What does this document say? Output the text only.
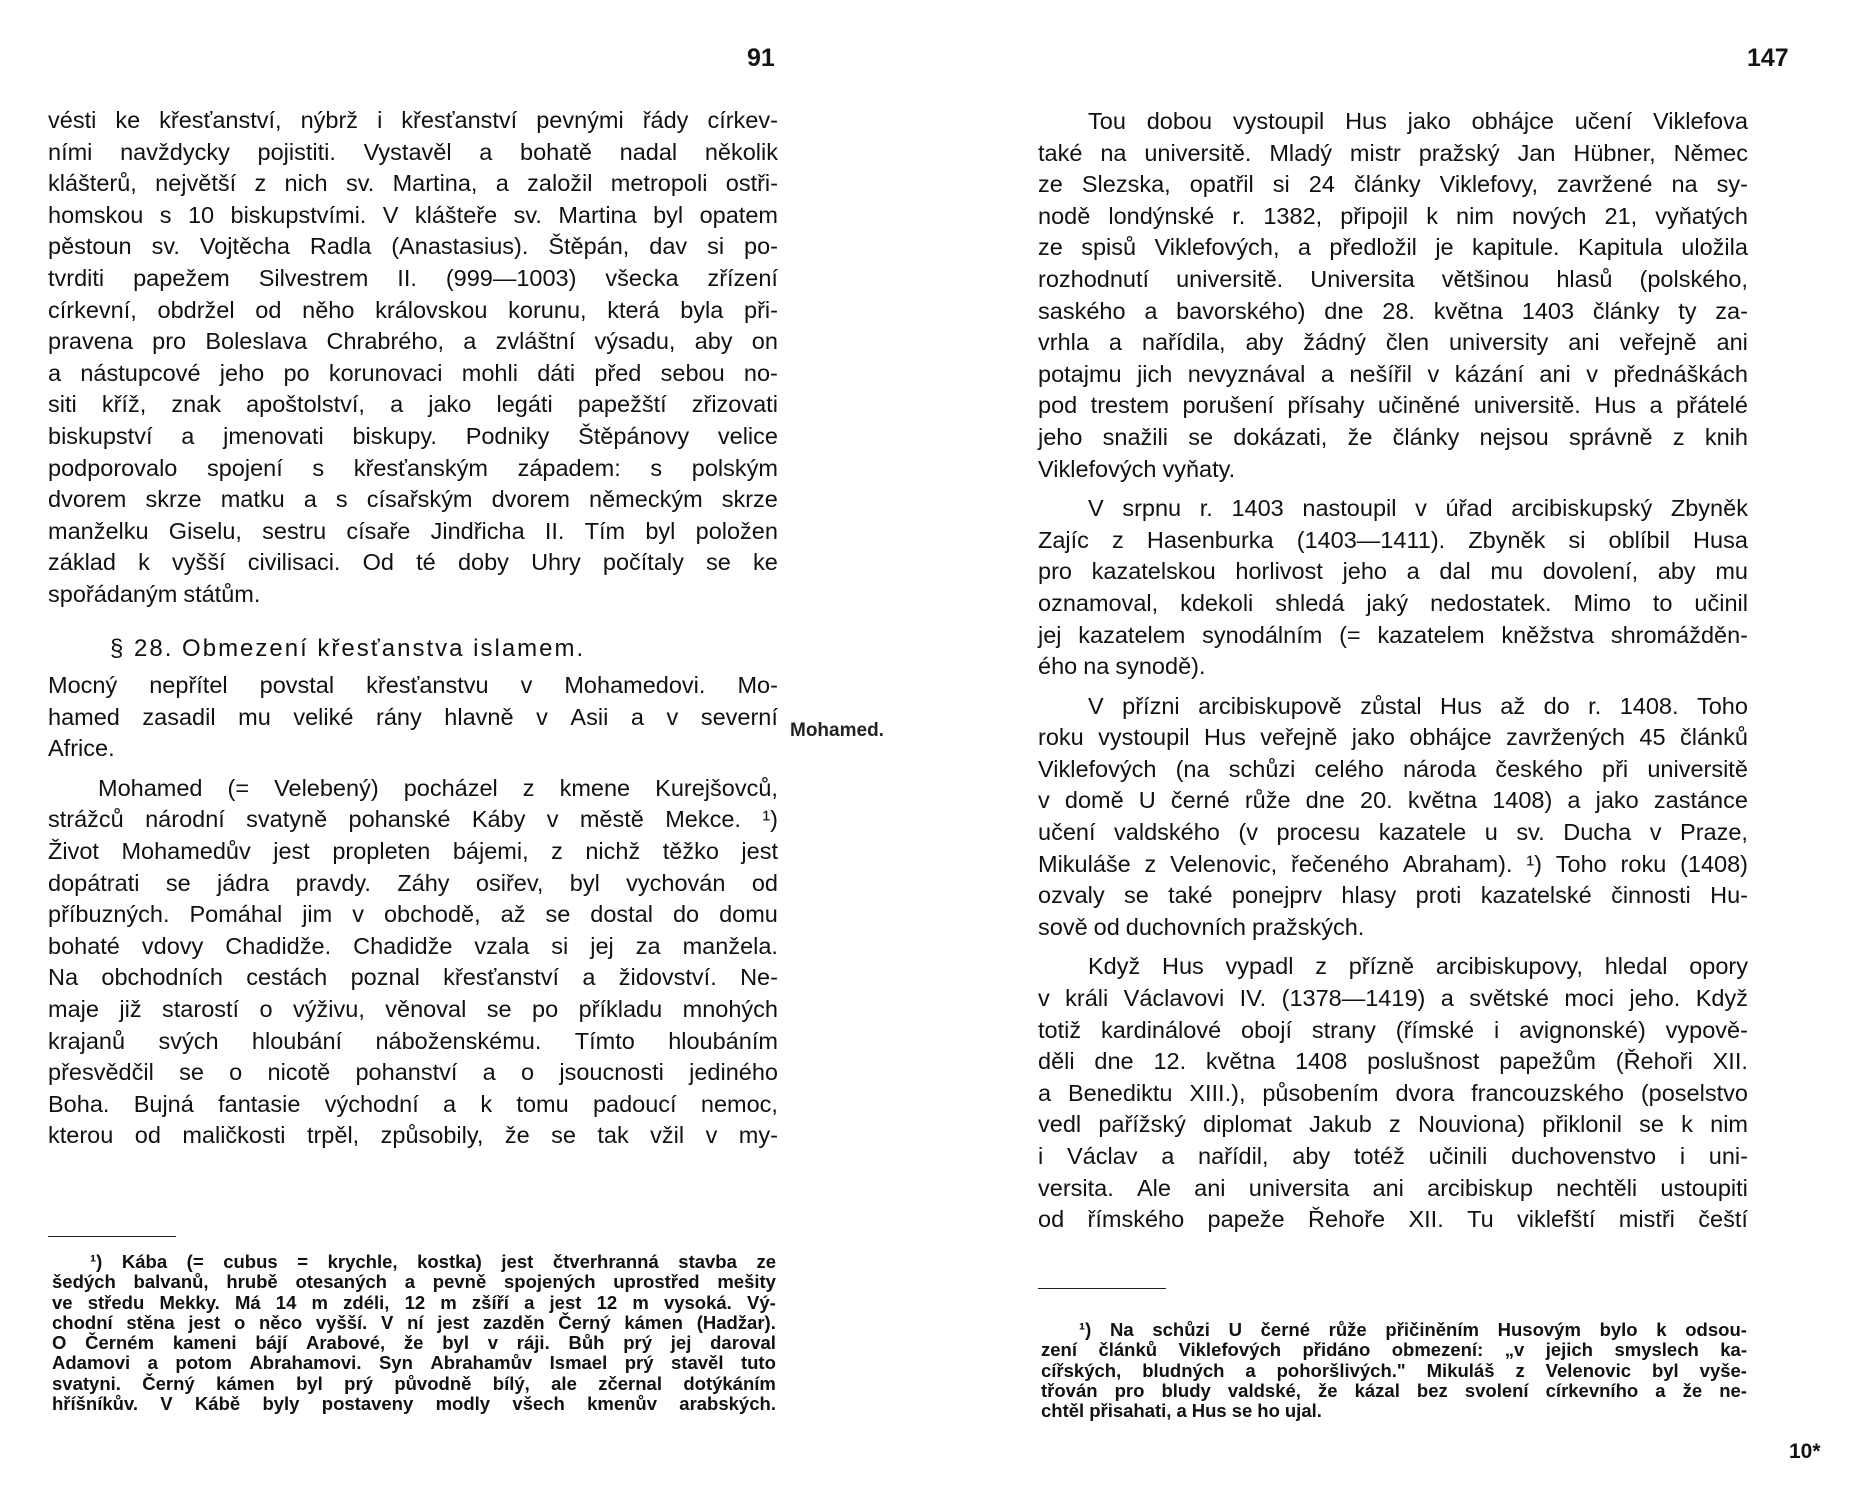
91
vésti ke křesťanství, nýbrž i křesťanství pevnými řády církev-
ními navždycky pojistiti. Vystavěl a bohatě nadal několik
klášterů, největší z nich sv. Martina, a založil metropoli ostři-
homskou s 10 biskupstvími. V klášteře sv. Martina byl opatem
pěstoun sv. Vojtěcha Radla (Anastasius). Štěpán, dav si po-
tvrditi papežem Silvestrem II. (999—1003) všecka zřízení
církevní, obdržel od něho královskou korunu, která byla při-
pravena pro Boleslava Chrabrého, a zvláštní výsadu, aby on
a nástupcové jeho po korunovaci mohli dáti před sebou no-
siti kříž, znak apoštolství, a jako legáti papežští zřizovati
biskupství a jmenovati biskupy. Podniky Štěpánovy velice
podporovalo spojení s křesťanským západem: s polským
dvorem skrze matku a s císařským dvorem německým skrze
manželku Giselu, sestru císaře Jindřicha II. Tím byl položen
základ k vyšší civilisaci. Od té doby Uhry počítaly se ke
spořádaným státům.
§ 28. Obmezení křesťanstva islamem.
Mocný nepřítel povstal křesťanstvu v Mohamedovi. Mo-
hamed zasadil mu veliké rány hlavně v Asii a v severní
Africe.
Mohamed (= Velebený) pocházel z kmene Kurejšovců,
strážců národní svatyně pohanské Káby v městě Mekce. ¹)
Život Mohamedův jest propleten bájemi, z nichž těžko jest
dopátrati se jádra pravdy. Záhy osiřev, byl vychován od
příbuzných. Pomáhal jim v obchodě, až se dostal do domu
bohaté vdovy Chadidže. Chadidže vzala si jej za manžela.
Na obchodních cestách poznal křesťanství a židovství. Ne-
maje již starostí o výživu, věnoval se po příkladu mnohých
krajanů svých hloubání náboženskému. Tímto hloubáním
přesvědčil se o nicotě pohanství a o jsoucnosti jediného
Boha. Bujná fantasie východní a k tomu padoucí nemoc,
kterou od maličkosti trpěl, způsobily, že se tak vžil v my-
Mohamed.
¹) Kába (= cubus = krychle, kostka) jest čtverhranná stavba ze
šedých balvanů, hrubě otesaných a pevně spojených uprostřed mešity
ve středu Mekky. Má 14 m zdéli, 12 m zšíří a jest 12 m vysoká. Vý-
chodní stěna jest o něco vyšší. V ní jest zazděn Černý kámen (Hadžar).
O Černém kameni bájí Arabové, že byl v ráji. Bůh prý jej daroval
Adamovi a potom Abrahamovi. Syn Abrahamův Ismael prý stavěl tuto
svatyni. Černý kámen byl prý původně bílý, ale zčernal dotýkáním
hříšníkův. V Kábě byly postaveny modly všech kmenův arabských.
147
Tou dobou vystoupil Hus jako obhájce učení Viklefova
také na universitě. Mladý mistr pražský Jan Hübner, Němec
ze Slezska, opatřil si 24 články Viklefovy, zavržené na sy-
nodě londýnské r. 1382, připojil k nim nových 21, vyňatých
ze spisů Viklefových, a předložil je kapitule. Kapitula uložila
rozhodnutí universitě. Universita většinou hlasů (polského,
saského a bavorského) dne 28. května 1403 články ty za-
vrhla a nařídila, aby žádný člen university ani veřejně ani
potajmu jich nevyznával a nešířil v kázání ani v přednáškách
pod trestem porušení přísahy učiněné universitě. Hus a přátelé
jeho snažili se dokázati, že články nejsou správně z knih
Viklefových vyňaty.
V srpnu r. 1403 nastoupil v úřad arcibiskupský Zbyněk
Zajíc z Hasenburka (1403—1411). Zbyněk si oblíbil Husa
pro kazatelskou horlivost jeho a dal mu dovolení, aby mu
oznamoval, kdekoli shledá jaký nedostatek. Mimo to učinil
jej kazatelem synodálním (= kazatelem kněžstva shromážděn-
ého na synodě).
V přízni arcibiskupově zůstal Hus až do r. 1408. Toho
roku vystoupil Hus veřejně jako obhájce zavržených 45 článků
Viklefových (na schůzi celého národa českého při universitě
v domě U černé růže dne 20. května 1408) a jako zastánce
učení valdského (v procesu kazatele u sv. Ducha v Praze,
Mikuláše z Velenovic, řečeného Abraham). ¹) Toho roku (1408)
ozvaly se také ponejprv hlasy proti kazatelské činnosti Hu-
sově od duchovních pražských.
Když Hus vypadl z přízně arcibiskupovy, hledal opory
v králi Václavovi IV. (1378—1419) a světské moci jeho. Když
totiž kardinálové obojí strany (římské i avignonské) vypově-
děli dne 12. května 1408 poslušnost papežům (Řehoři XII.
a Benediktu XIII.), působením dvora francouzského (poselstvo
vedl pařížský diplomat Jakub z Nouviona) přiklonil se k nim
i Václav a nařídil, aby totéž učinili duchovenstvo i uni-
versita. Ale ani universita ani arcibiskup nechtěli ustoupiti
od římského papeže Řehoře XII. Tu viklefští mistři čeští
¹) Na schůzi U černé růže přičiněním Husovým bylo k odsou-
zení článků Viklefových přidáno obmezení: „v jejich smyslech ka-
cířských, bludných a pohoršlivých." Mikuláš z Velenovic byl vyše-
třován pro bludy valdské, že kázal bez svolení církevního a že ne-
chtěl přisahati, a Hus se ho ujal.
10*
